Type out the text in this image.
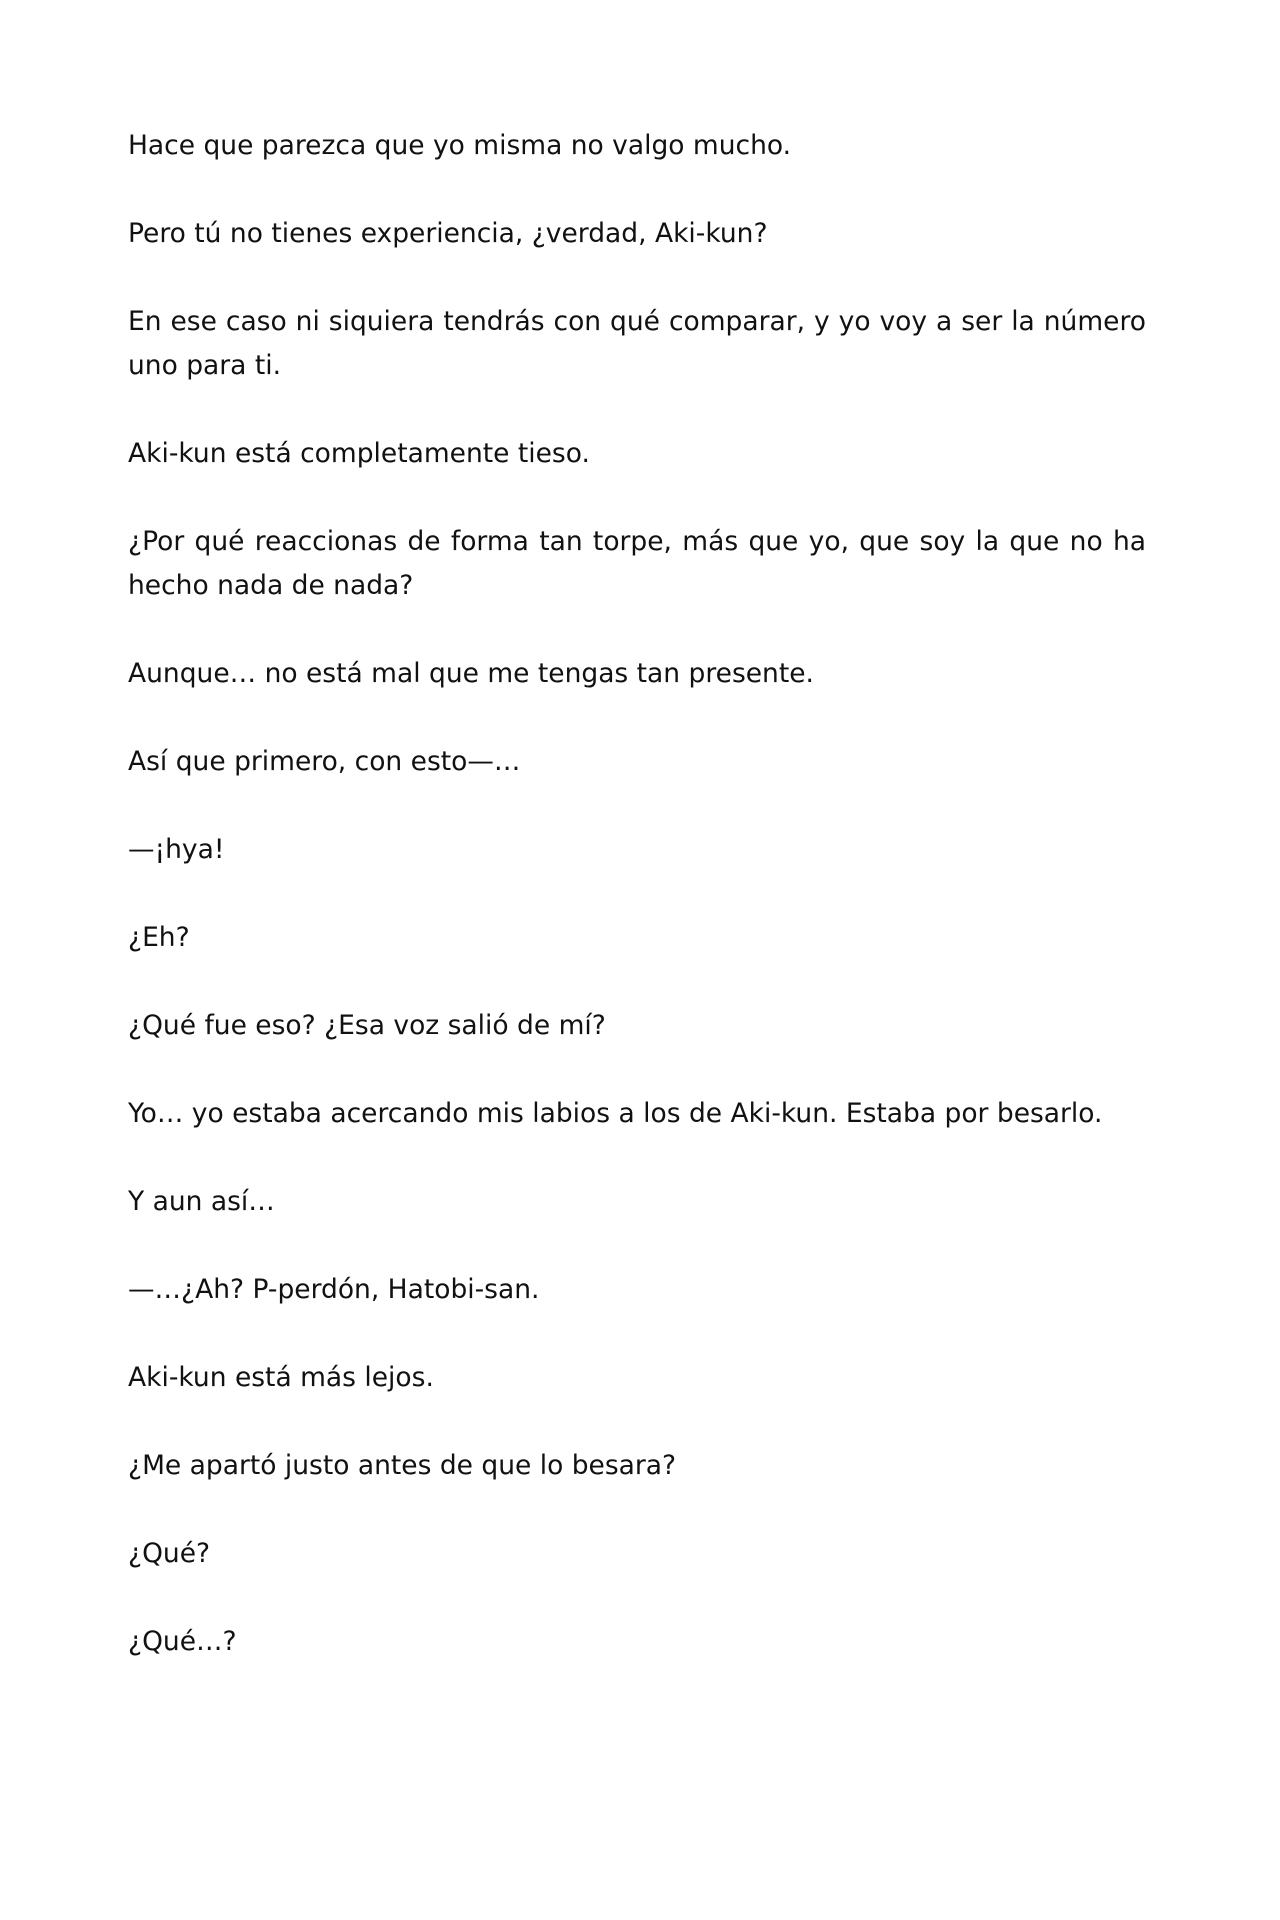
Hace que parezca que yo misma no valgo mucho.

Pero tú no tienes experiencia, ¿verdad, Aki-kun?

En ese caso ni siquiera tendrás con qué comparar, y yo voy a ser la número uno para ti.

Aki-kun está completamente tieso.

¿Por qué reaccionas de forma tan torpe, más que yo, que soy la que no ha hecho nada de nada?

Aunque… no está mal que me tengas tan presente.

Así que primero, con esto—…

—¡hya!

¿Eh?

¿Qué fue eso? ¿Esa voz salió de mí?

Yo… yo estaba acercando mis labios a los de Aki-kun. Estaba por besarlo.

Y aun así…

—…¿Ah? P-perdón, Hatobi-san.

Aki-kun está más lejos.

¿Me apartó justo antes de que lo besara?

¿Qué?

¿Qué…?
